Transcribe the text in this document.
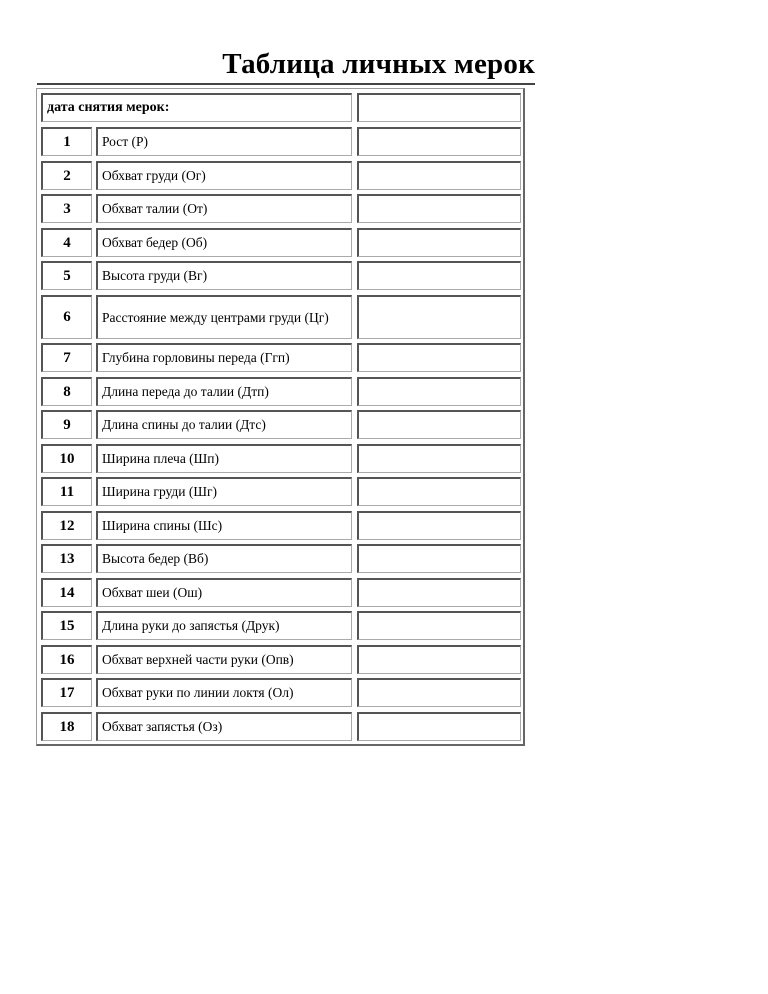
Таблица личных мерок
дата снятия мерок:
1 Рост (Р)
2 Обхват груди (Ог)
3 Обхват талии (От)
4 Обхват бедер (Об)
5 Высота груди (Вг)
6 Расстояние между центрами груди (Цг)
7 Глубина горловины переда (Ггп)
8 Длина переда до талии (Дтп)
9 Длина спины до талии (Дтс)
10 Ширина плеча (Шп)
11 Ширина груди (Шг)
12 Ширина спины (Шс)
13 Высота бедер (Вб)
14 Обхват шеи (Ош)
15 Длина руки до запястья (Друк)
16 Обхват верхней части руки (Опв)
17 Обхват руки по линии локтя (Ол)
18 Обхват запястья (Оз)
